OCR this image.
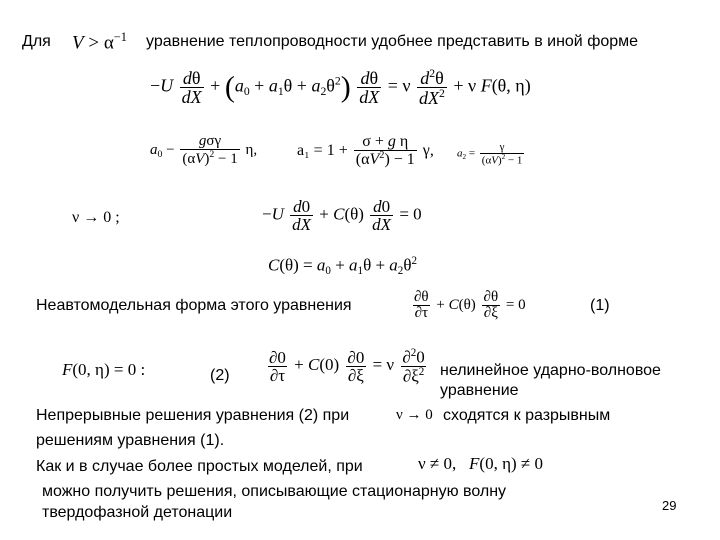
Для $V > \alpha^{-1}$ уравнение теплопроводности удобнее представить в иной форме
$-U \frac{d\theta}{dX} + (a_0 + a_1\theta + a_2\theta^2) \frac{d\theta}{dX} = \nu \frac{d^2\theta}{dX^2} + \nu$ F(θ, η)
$a_0 - \frac{\text{gσγ}}{(\alpha V)^2 - 1} \eta$, $a_1 = 1 + \frac{\text{σ + g η}}{(\alpha V^2) - 1} \gamma$, $a_2 = \frac{\gamma}{(\alpha V)^2 - 1}$
ν → 0 ;	$-U \frac{d0}{dX} + C(\theta) \frac{d0}{dX} = 0$
$C(\theta) = a_0 + a_1\theta + a_2\theta^2$
Неавтомодельная форма этого уравнения	$\frac{\partial\theta}{\partial\tau} + C(\theta) \frac{\partial\theta}{\partial\xi} = 0$	(1)
F(0, η) = 0 :	$(2) \frac{\partial 0}{\partial\tau} + C(0) \frac{\partial 0}{\partial\xi} = \nu \frac{\partial^20}{\partial\xi^2}$ нелинейное ударно-волновое
уравнение
Непрерывные решения уравнения (2) при	ν → 0 сходятся к разрывным
решениям уравнения (1).
Как и в случае более простых моделей, при	ν ≠ 0,   F(0, η) ≠ 0
можно получить решения, описывающие стационарную волну
твердофазной детонации	29
